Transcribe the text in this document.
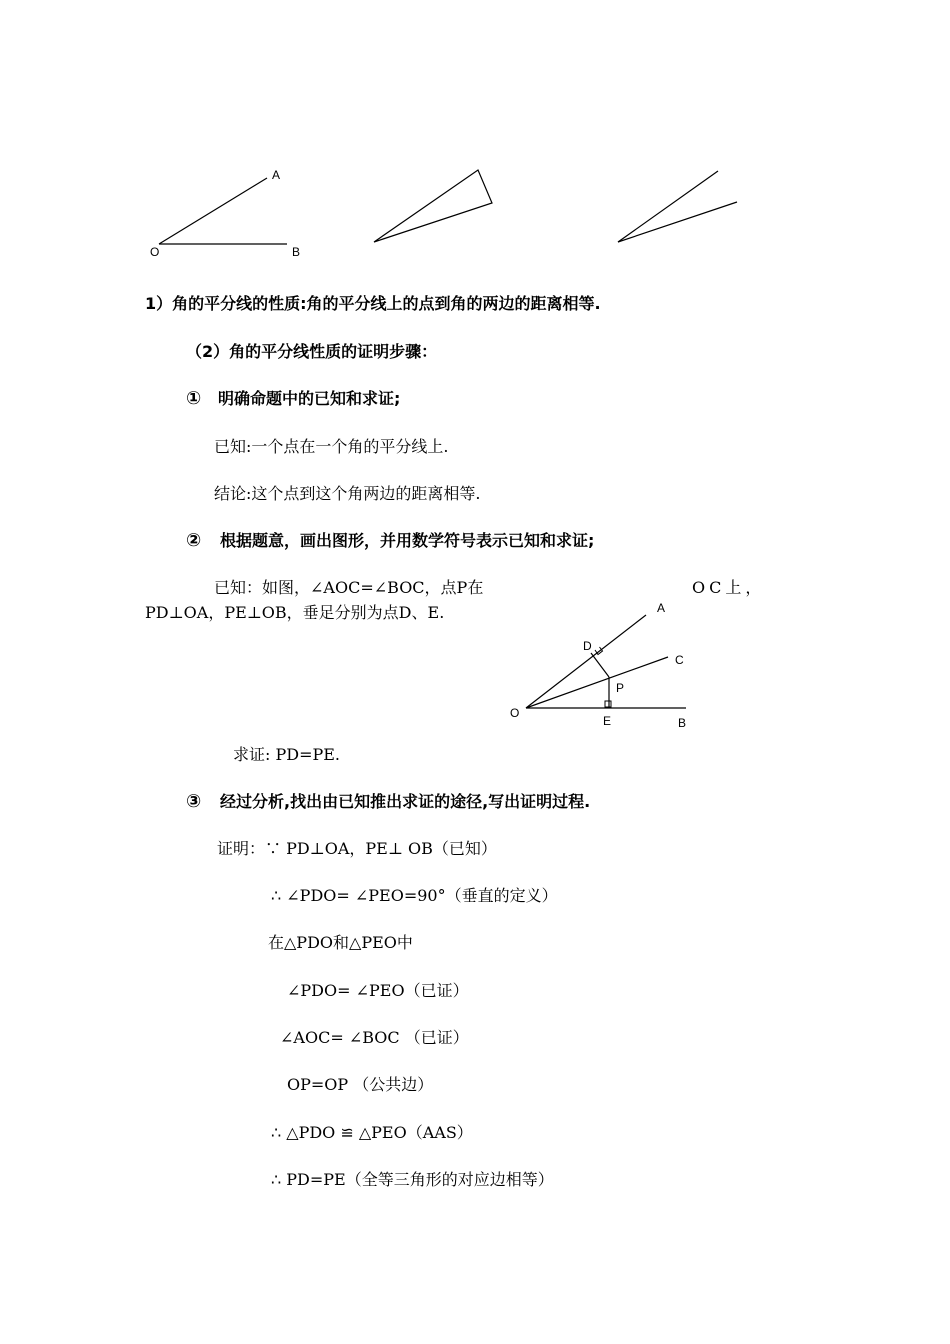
A
O	B
1）角的平分线的性质:角的平分线上的点到角的两边的距离相等.
（2）角的平分线性质的证明步骤：
① 明确命题中的已知和求证;
已知:一个点在一个角的平分线上.
结论:这个点到这个角两边的距离相等.
② 根据题意，画出图形，并用数学符号表示已知和求证;
已知：如图，∠AOC=∠BOC，点P在	OC上，
PD⊥OA，PE⊥OB，垂足分别为点D、E.	A
C
D
P
O
E	B
求证: PD=PE.
③ 经过分析,找出由已知推出求证的途径,写出证明过程.
证明：∵ PD⊥OA，PE⊥ OB（已知）
∴ ∠PDO= ∠PEO=90°（垂直的定义）
在△PDO和△PEO中
∠PDO= ∠PEO（已证）
∠AOC= ∠BOC （已证）
OP=OP （公共边）
∴ △PDO ≌ △PEO（AAS）
∴ PD=PE（全等三角形的对应边相等）
